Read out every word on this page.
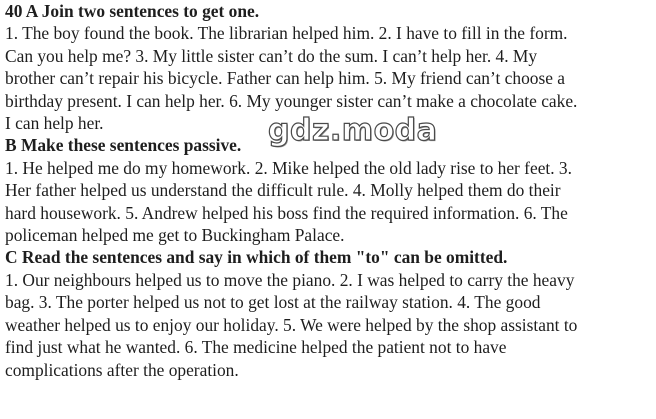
40 A Join two sentences to get one.
1. The boy found the book. The librarian helped him. 2. I have to fill in the form.
Can you help me? 3. My little sister can’t do the sum. I can’t help her. 4. My
brother can’t repair his bicycle. Father can help him. 5. My friend can’t choose a
birthday present. I can help her. 6. My younger sister can’t make a chocolate cake.
I can help her.
B Make these sentences passive.
1. He helped me do my homework. 2. Mike helped the old lady rise to her feet. 3.
Her father helped us understand the difficult rule. 4. Molly helped them do their
hard housework. 5. Andrew helped his boss find the required information. 6. The
policeman helped me get to Buckingham Palace.
C Read the sentences and say in which of them "to" can be omitted.
1. Our neighbours helped us to move the piano. 2. I was helped to carry the heavy
bag. 3. The porter helped us not to get lost at the railway station. 4. The good
weather helped us to enjoy our holiday. 5. We were helped by the shop assistant to
find just what he wanted. 6. The medicine helped the patient not to have
complications after the operation.
gdz.moda
